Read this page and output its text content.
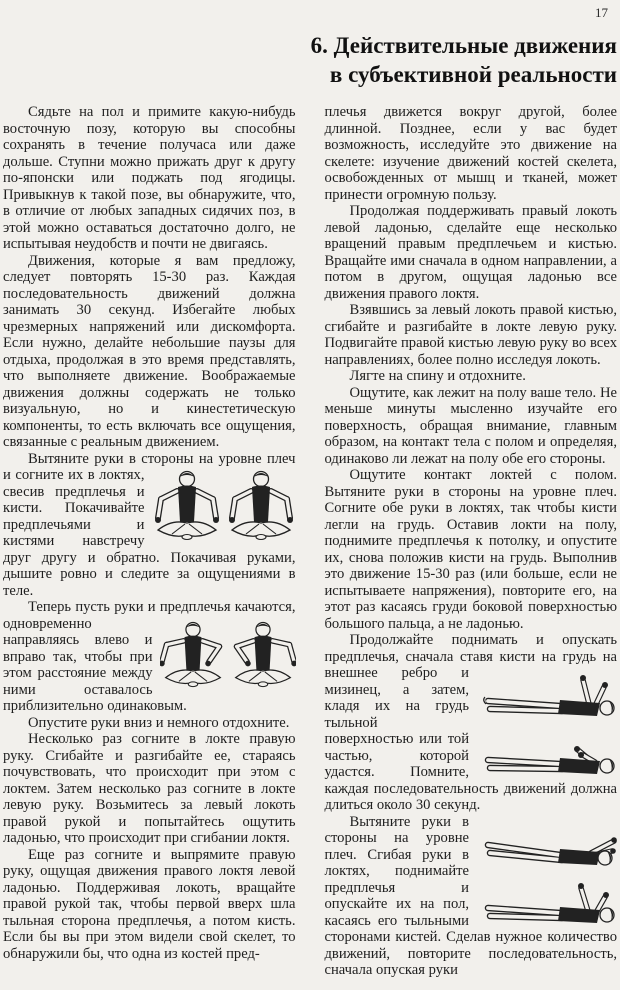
17
6. Действительные движения
в субъективной реальности

Сядьте на пол и примите какую-нибудь восточную позу, которую вы способны сохранять в течение получаса или даже дольше. Ступни можно прижать друг к другу по-японски или поджать под ягодицы. Привыкнув к такой позе, вы обнаружите, что, в отличие от любых западных сидячих поз, в этой можно оставаться достаточно долго, не испытывая неудобств и почти не двигаясь.

Движения, которые я вам предложу, следует повторять 15-30 раз. Каждая последовательность движений должна занимать 30 секунд. Избегайте любых чрезмерных напряжений или дискомфорта. Если нужно, делайте небольшие паузы для отдыха, продолжая в это время представлять, что выполняете движение. Воображаемые движения должны содержать не только визуальную, но и кинестетическую компоненты, то есть включать все ощущения, связанные с реальным движением.

Вытяните руки в стороны на уровне плеч и согните их в локтях, свесив предплечья и кисти. Покачивайте предплечьями и кистями навстречу друг другу и обратно. Покачивая руками, дышите ровно и следите за ощущениями в теле.

Теперь пусть руки и предплечья качаются,
одновременно направляясь влево и вправо так, чтобы при этом расстояние между ними оставалось приблизительно одинаковым.

Опустите руки вниз и немного отдохните.

Несколько раз согните в локте правую руку. Сгибайте и разгибайте ее, стараясь почувствовать, что происходит при этом с локтем. Затем несколько раз согните в локте левую руку. Возьмитесь за левый локоть правой рукой и попытайтесь ощутить ладонью, что происходит при сгибании локтя.

Еще раз согните и выпрямите правую руку, ощущая движения правого локтя левой ладонью. Поддерживая локоть, вращайте правой рукой так, чтобы первой вверх шла тыльная сторона предплечья, а потом кисть. Если бы вы при этом видели свой скелет, то обнаружили бы, что одна из костей пред-

плечья движется вокруг другой, более длинной. Позднее, если у вас будет возможность, исследуйте это движение на скелете: изучение движений костей скелета, освобожденных от мышц и тканей, может принести огромную пользу.

Продолжая поддерживать правый локоть левой ладонью, сделайте еще несколько вращений правым предплечьем и кистью. Вращайте ими сначала в одном направлении, а потом в другом, ощущая ладонью все движения правого локтя.

Взявшись за левый локоть правой кистью, сгибайте и разгибайте в локте левую руку. Подвигайте правой кистью левую руку во всех направлениях, более полно исследуя локоть.

Лягте на спину и отдохните.

Ощутите, как лежит на полу ваше тело. Не меньше минуты мысленно изучайте его поверхность, обращая внимание, главным образом, на контакт тела с полом и определяя, одинаково ли лежат на полу обе его стороны.

Ощутите контакт локтей с полом. Вытяните руки в стороны на уровне плеч. Согните обе руки в локтях, так чтобы кисти легли на грудь. Оставив локти на полу, поднимите предплечья к потолку, и опустите их, снова положив кисти на грудь. Выполнив это движение 15-30 раз (или больше, если не испытываете напряжения), повторите его, на этот раз касаясь груди боковой поверхностью большого пальца, а не ладонью.

Продолжайте поднимать и опускать предплечья, сначала ставя кисти на грудь на
внешнее ребро и мизинец, а затем, кладя их на грудь тыльной поверхностью или той частью, которой удастся. Помните, каждая последовательность движений должна длиться около 30 секунд.

Вытяните руки в стороны на уровне плеч. Сгибая руки в локтях, поднимайте предплечья и опускайте их на пол, касаясь его тыльными сторонами кистей. Сделав нужное количество движений, повторите последовательность, сначала опуская руки
